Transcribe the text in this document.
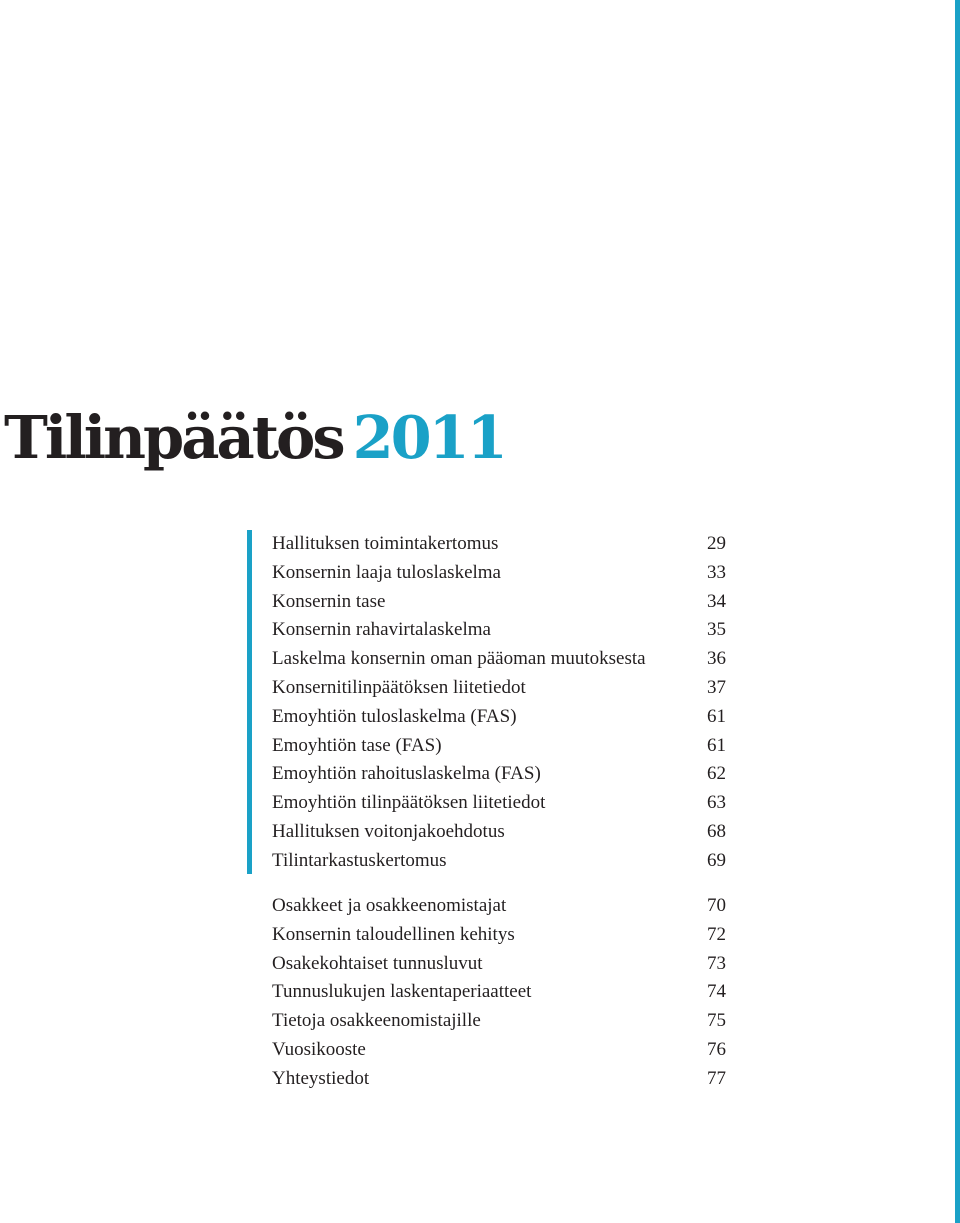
Tilinpäätös 2011
Hallituksen toimintakertomus	29
Konsernin laaja tuloslaskelma	33
Konsernin tase	34
Konsernin rahavirtalaskelma	35
Laskelma konsernin oman pääoman muutoksesta	36
Konsernitilinpäätöksen liitetiedot	37
Emoyhtiön tuloslaskelma (FAS)	61
Emoyhtiön tase (FAS)	61
Emoyhtiön rahoituslaskelma (FAS)	62
Emoyhtiön tilinpäätöksen liitetiedot	63
Hallituksen voitonjakoehdotus	68
Tilintarkastuskertomus	69
Osakkeet ja osakkeenomistajat	70
Konsernin taloudellinen kehitys	72
Osakekohtaiset tunnusluvut	73
Tunnuslukujen laskentaperiaatteet	74
Tietoja osakkeenomistajille	75
Vuosikooste	76
Yhteystiedot	77
